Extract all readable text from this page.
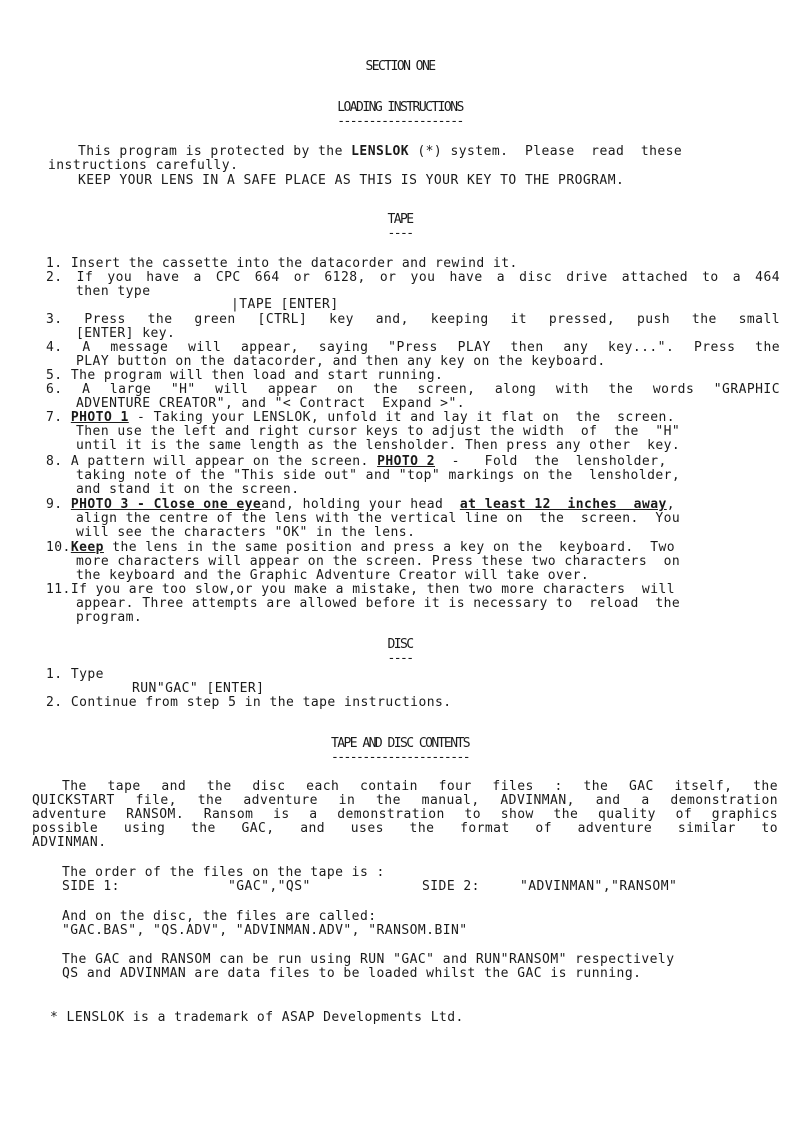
SECTION ONE

LOADING INSTRUCTIONS

--------------------

This program is protected by the LENSLOK (*) system.  Please  read  these

instructions carefully.

KEEP YOUR LENS IN A SAFE PLACE AS THIS IS YOUR KEY TO THE PROGRAM.

TAPE

----

1. Insert the cassette into the datacorder and rewind it.

2. If you have a CPC 664 or 6128, or you have a disc drive attached to a 464

then type

|TAPE [ENTER]

3. Press the green [CTRL] key and, keeping it pressed, push the small

[ENTER] key.

4. A message will appear, saying "Press PLAY then any key...". Press the

PLAY button on the datacorder, and then any key on the keyboard.

5. The program will then load and start running.

6. A large "H" will appear on the screen, along with the words "GRAPHIC

ADVENTURE CREATOR", and "< Contract  Expand >".

7. PHOTO 1 - Taking your LENSLOK, unfold it and lay it flat on  the  screen.

Then use the left and right cursor keys to adjust the width  of  the  "H"

until it is the same length as the lensholder. Then press any other  key.

8. A pattern will appear on the screen. PHOTO 2  -   Fold  the  lensholder,

taking note of the "This side out" and "top" markings on the  lensholder,

and stand it on the screen.

9. PHOTO 3 - Close one eyeand, holding your head  at least 12  inches  away,

align the centre of the lens with the vertical line on  the  screen.  You

will see the characters "OK" in the lens.

10.Keep the lens in the same position and press a key on the  keyboard.  Two

more characters will appear on the screen. Press these two characters  on

the keyboard and the Graphic Adventure Creator will take over.

11.If you are too slow,or you make a mistake, then two more characters  will

appear. Three attempts are allowed before it is necessary to  reload  the

program.

DISC

----

1. Type

RUN"GAC" [ENTER]

2. Continue from step 5 in the tape instructions.

TAPE AND DISC CONTENTS

----------------------

The tape and the disc each contain four files : the GAC itself, the

QUICKSTART file, the adventure in the manual, ADVINMAN, and a demonstration

adventure RANSOM. Ransom is a demonstration to show the quality of graphics

possible using the GAC, and uses the format of adventure similar to

ADVINMAN.

The order of the files on the tape is :

SIDE 1:

	"GAC","QS"

	SIDE 2:

	"ADVINMAN","RANSOM"

And on the disc, the files are called:

"GAC.BAS", "QS.ADV", "ADVINMAN.ADV", "RANSOM.BIN"

The GAC and RANSOM can be run using RUN "GAC" and RUN"RANSOM" respectively

QS and ADVINMAN are data files to be loaded whilst the GAC is running.

* LENSLOK is a trademark of ASAP Developments Ltd.
